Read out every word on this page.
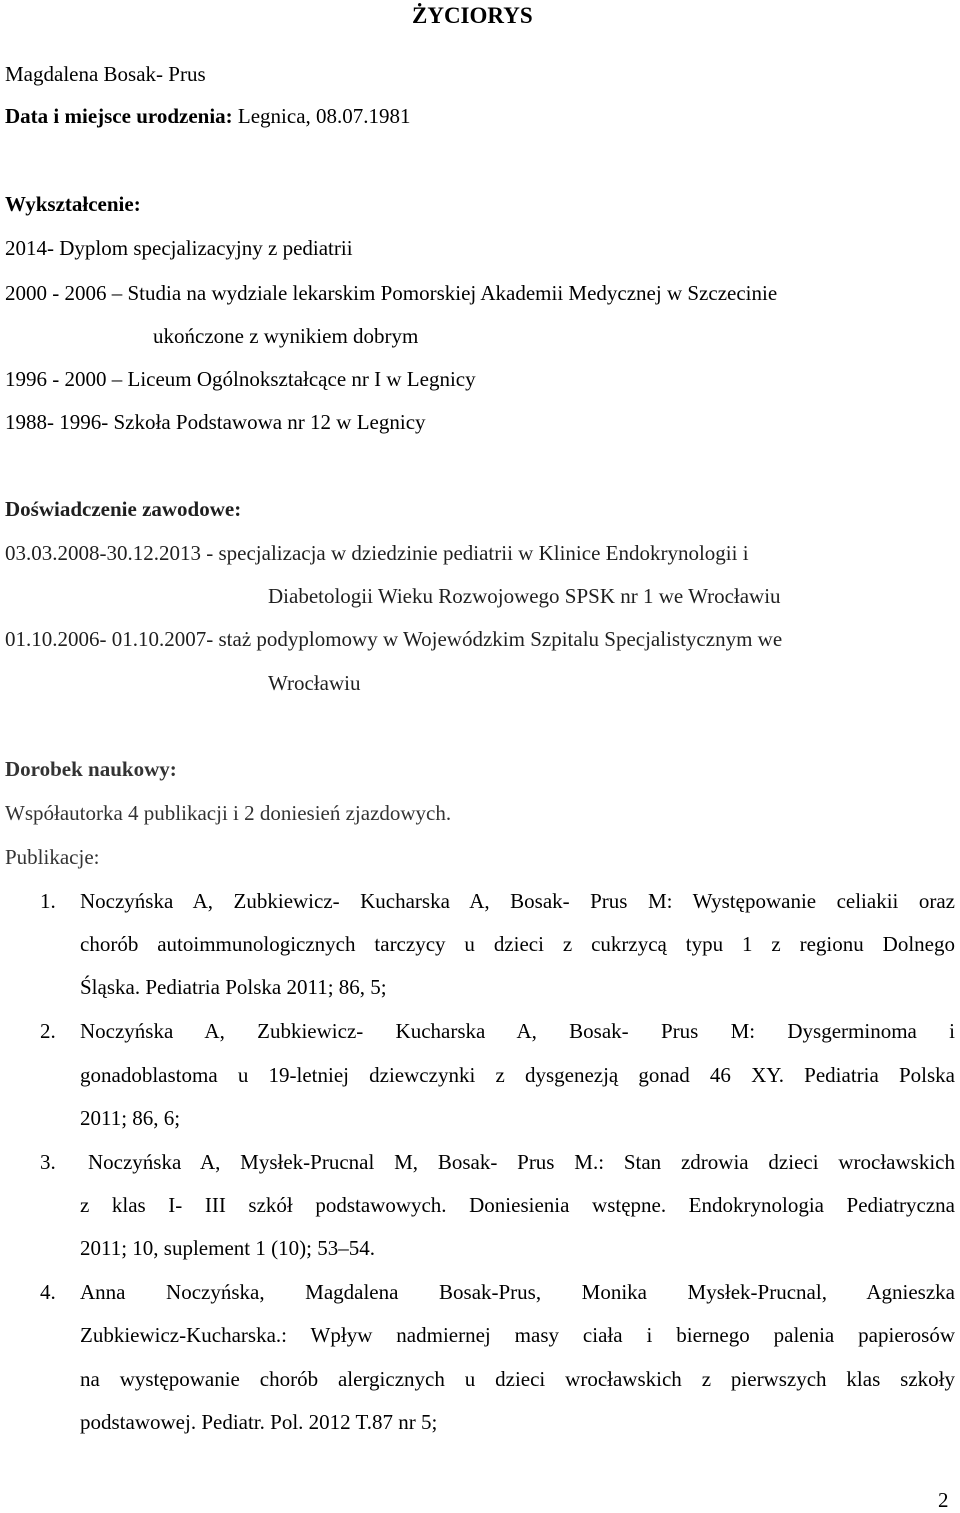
ŻYCIORYS
Magdalena Bosak- Prus
Data i miejsce urodzenia: Legnica, 08.07.1981
Wykształcenie:
2014- Dyplom specjalizacyjny z pediatrii
2000 - 2006 – Studia na wydziale lekarskim Pomorskiej Akademii Medycznej w Szczecinie
ukończone z wynikiem dobrym
1996 - 2000 – Liceum Ogólnokształcące nr I w Legnicy
1988- 1996- Szkoła Podstawowa nr 12 w Legnicy
Doświadczenie zawodowe:
03.03.2008-30.12.2013 - specjalizacja w dziedzinie pediatrii w Klinice Endokrynologii i
Diabetologii Wieku Rozwojowego SPSK nr 1 we Wrocławiu
01.10.2006- 01.10.2007- staż podyplomowy w Wojewódzkim Szpitalu Specjalistycznym we
Wrocławiu
Dorobek naukowy:
Współautorka 4 publikacji i 2 doniesień zjazdowych.
Publikacje:
1. Noczyńska A, Zubkiewicz- Kucharska A, Bosak- Prus M: Występowanie celiakii oraz
chorób autoimmunologicznych tarczycy u dzieci z cukrzycą typu 1 z regionu Dolnego
Śląska. Pediatria Polska 2011; 86, 5;
2. Noczyńska A, Zubkiewicz- Kucharska A, Bosak- Prus M: Dysgerminoma i
gonadoblastoma u 19-letniej dziewczynki z dysgenezją gonad 46 XY. Pediatria Polska
2011; 86, 6;
3. Noczyńska A, Mysłek-Prucnal M, Bosak- Prus M.: Stan zdrowia dzieci wrocławskich
z klas I- III szkół podstawowych. Doniesienia wstępne. Endokrynologia Pediatryczna
2011; 10, suplement 1 (10); 53–54.
4. Anna Noczyńska, Magdalena Bosak-Prus, Monika Mysłek-Prucnal, Agnieszka
Zubkiewicz-Kucharska.: Wpływ nadmiernej masy ciała i biernego palenia papierosów
na występowanie chorób alergicznych u dzieci wrocławskich z pierwszych klas szkoły
podstawowej. Pediatr. Pol. 2012 T.87 nr 5;
2
